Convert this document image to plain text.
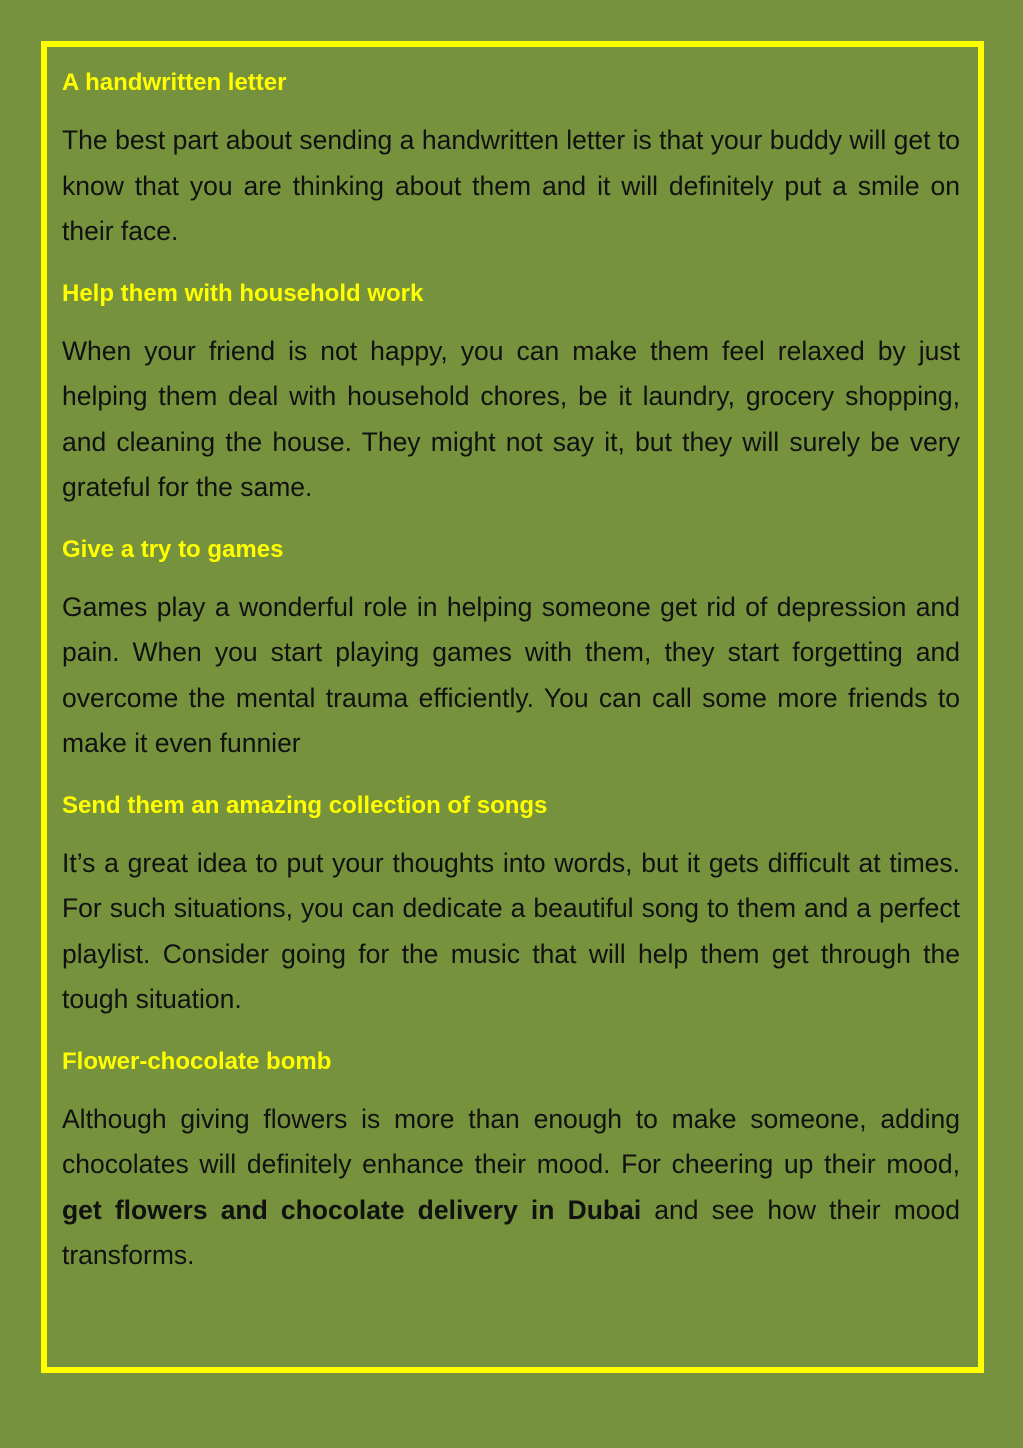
A handwritten letter

The best part about sending a handwritten letter is that your buddy will get to know that you are thinking about them and it will definitely put a smile on their face.

Help them with household work

When your friend is not happy, you can make them feel relaxed by just helping them deal with household chores, be it laundry, grocery shopping, and cleaning the house. They might not say it, but they will surely be very grateful for the same.

Give a try to games

Games play a wonderful role in helping someone get rid of depression and pain. When you start playing games with them, they start forgetting and overcome the mental trauma efficiently. You can call some more friends to make it even funnier

Send them an amazing collection of songs

It’s a great idea to put your thoughts into words, but it gets difficult at times. For such situations, you can dedicate a beautiful song to them and a perfect playlist. Consider going for the music that will help them get through the tough situation.

Flower-chocolate bomb

Although giving flowers is more than enough to make someone, adding chocolates will definitely enhance their mood. For cheering up their mood, get flowers and chocolate delivery in Dubai and see how their mood transforms.
